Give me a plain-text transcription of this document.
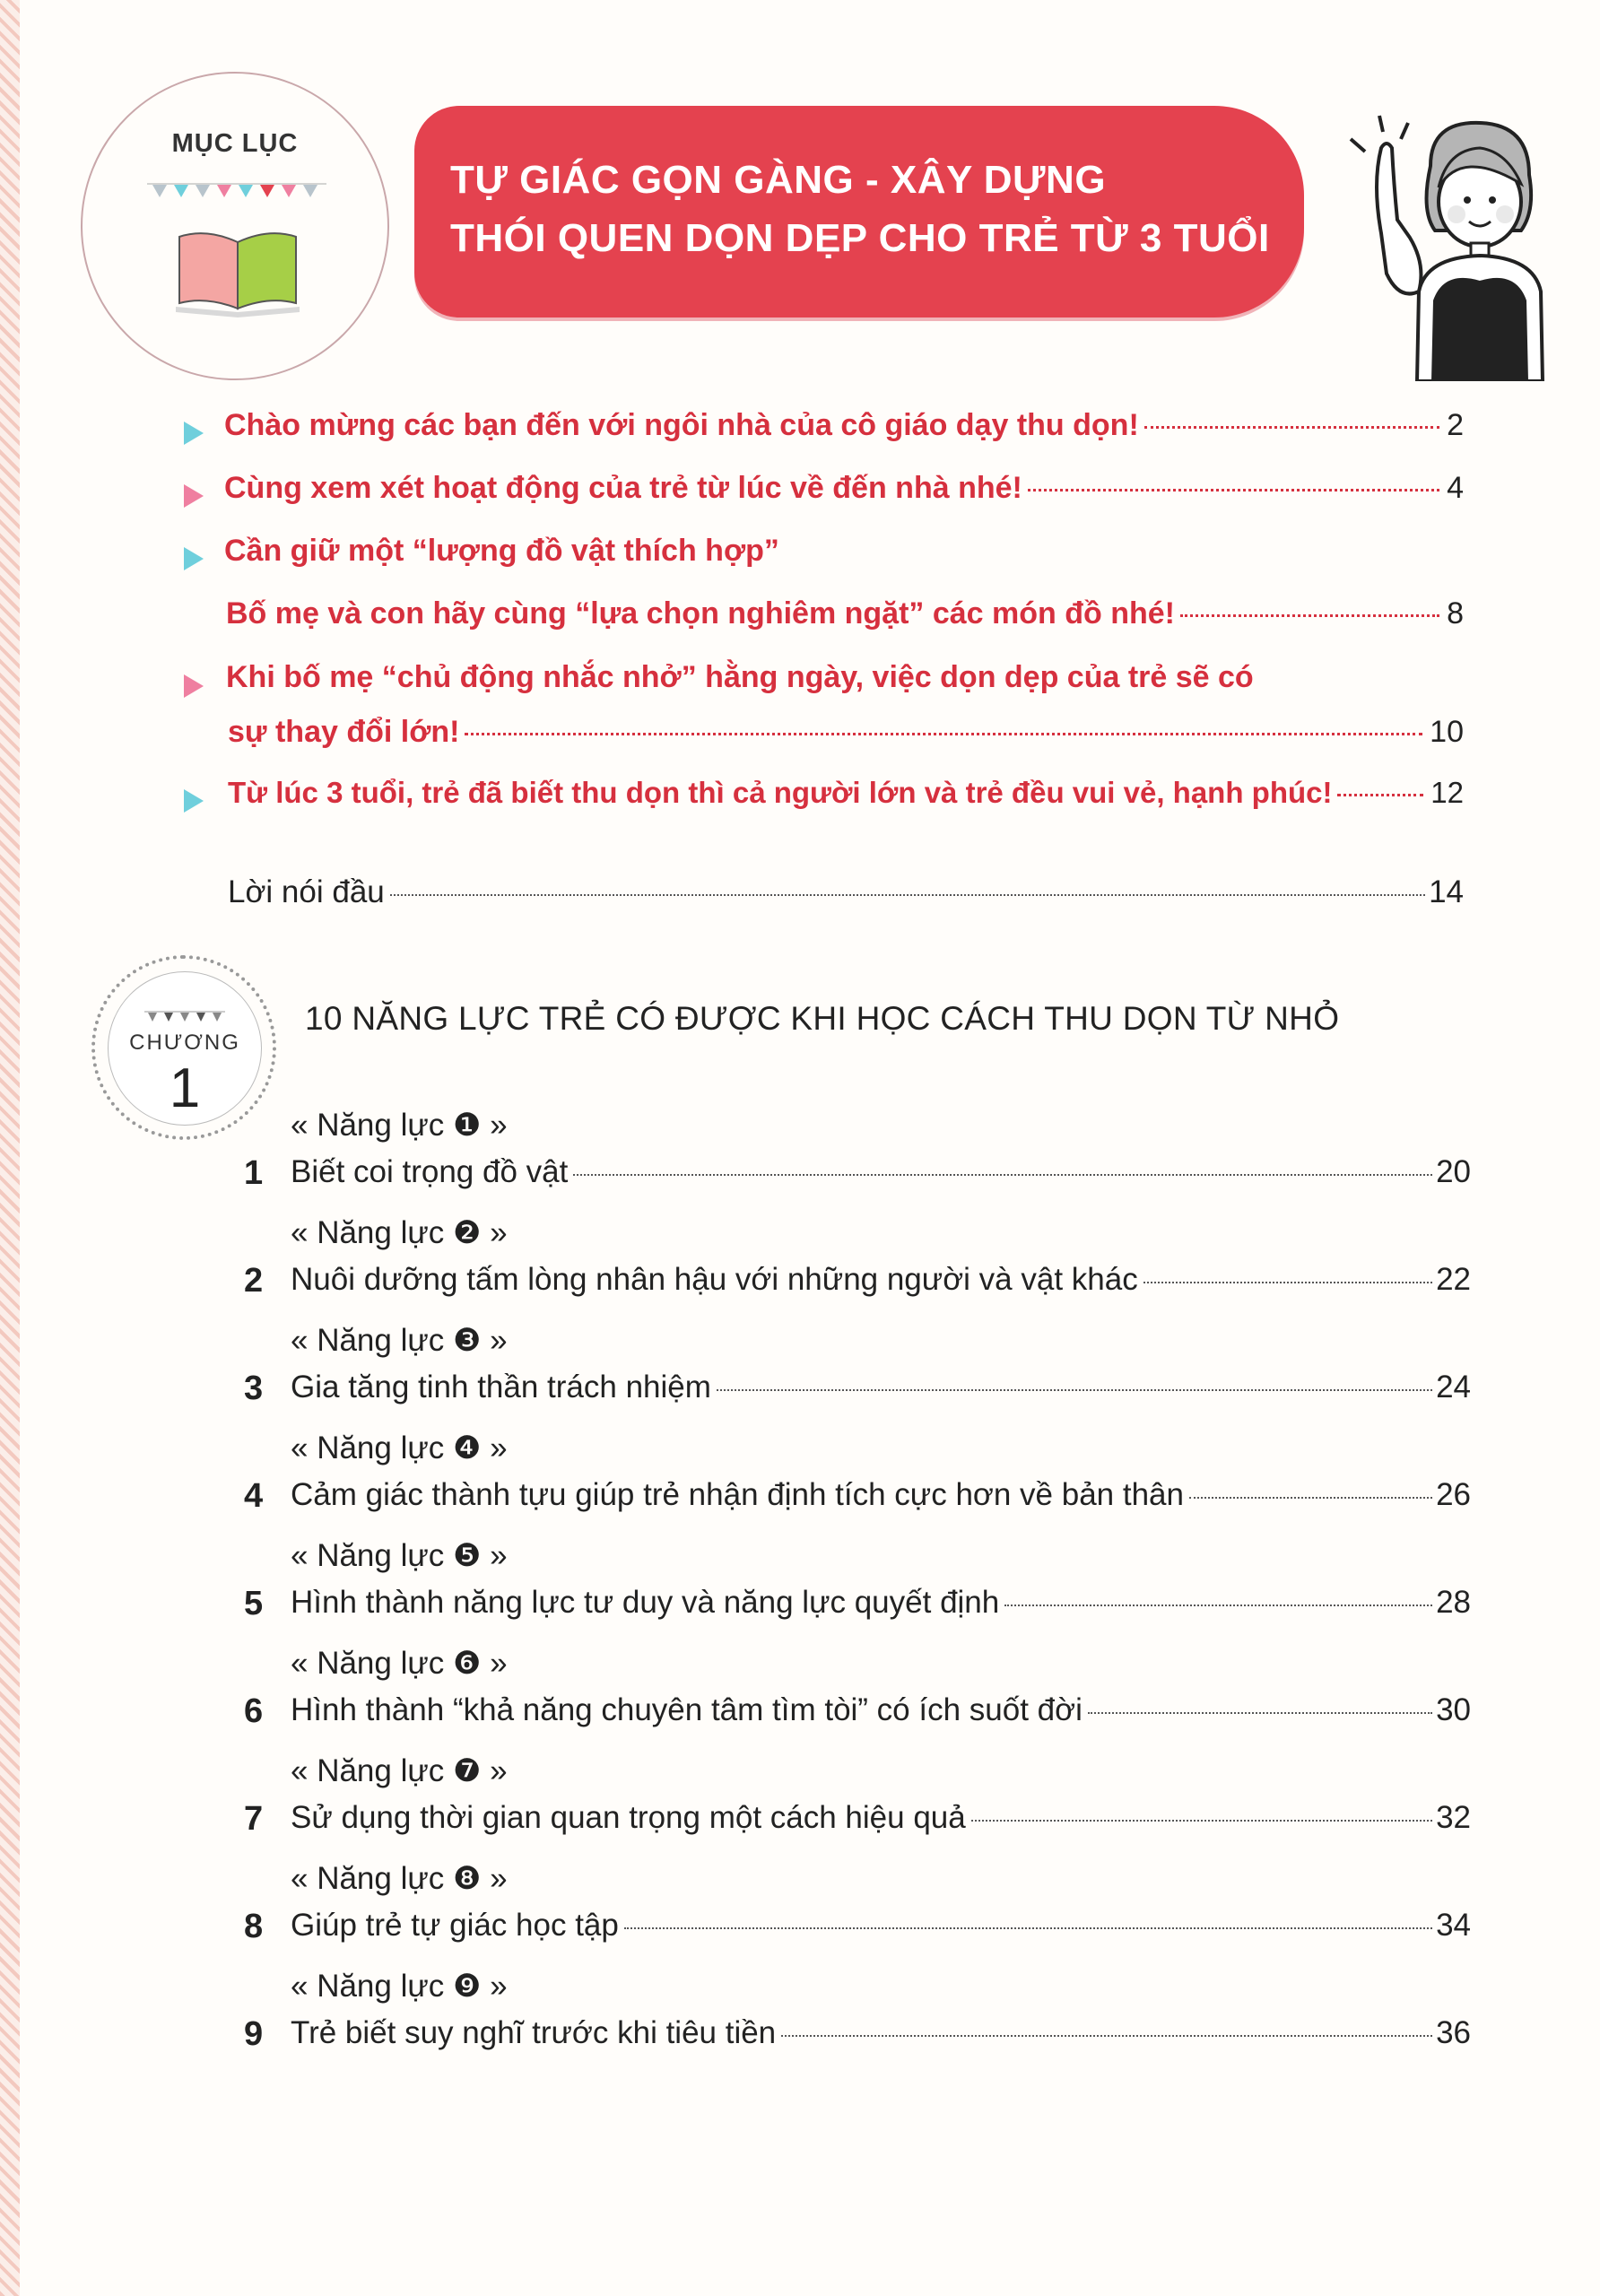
MỤC LỤC
TỰ GIÁC GỌN GÀNG - XÂY DỰNG
THÓI QUEN DỌN DẸP CHO TRẺ TỪ 3 TUỔI
Chào mừng các bạn đến với ngôi nhà của cô giáo dạy thu dọn!	2
Cùng xem xét hoạt động của trẻ từ lúc về đến nhà nhé!	4
Cần giữ một “lượng đồ vật thích hợp”
Bố mẹ và con hãy cùng “lựa chọn nghiêm ngặt” các món đồ nhé!	8
Khi bố mẹ “chủ động nhắc nhở” hằng ngày, việc dọn dẹp của trẻ sẽ có
sự thay đổi lớn!	10
Từ lúc 3 tuổi, trẻ đã biết thu dọn thì cả người lớn và trẻ đều vui vẻ, hạnh phúc!	12
Lời nói đầu	14
CHƯƠNG
1
10 NĂNG LỰC TRẺ CÓ ĐƯỢC KHI HỌC CÁCH THU DỌN TỪ NHỎ
1
« Năng lực ❶ »
Biết coi trọng đồ vật	20
2
« Năng lực ❷ »
Nuôi dưỡng tấm lòng nhân hậu với những người và vật khác	22
3
« Năng lực ❸ »
Gia tăng tinh thần trách nhiệm	24
4
« Năng lực ❹ »
Cảm giác thành tựu giúp trẻ nhận định tích cực hơn về bản thân	26
5
« Năng lực ❺ »
Hình thành năng lực tư duy và năng lực quyết định	28
6
« Năng lực ❻ »
Hình thành “khả năng chuyên tâm tìm tòi” có ích suốt đời	30
7
« Năng lực ❼ »
Sử dụng thời gian quan trọng một cách hiệu quả	32
8
« Năng lực ❽ »
Giúp trẻ tự giác học tập	34
9
« Năng lực ❾ »
Trẻ biết suy nghĩ trước khi tiêu tiền	36
